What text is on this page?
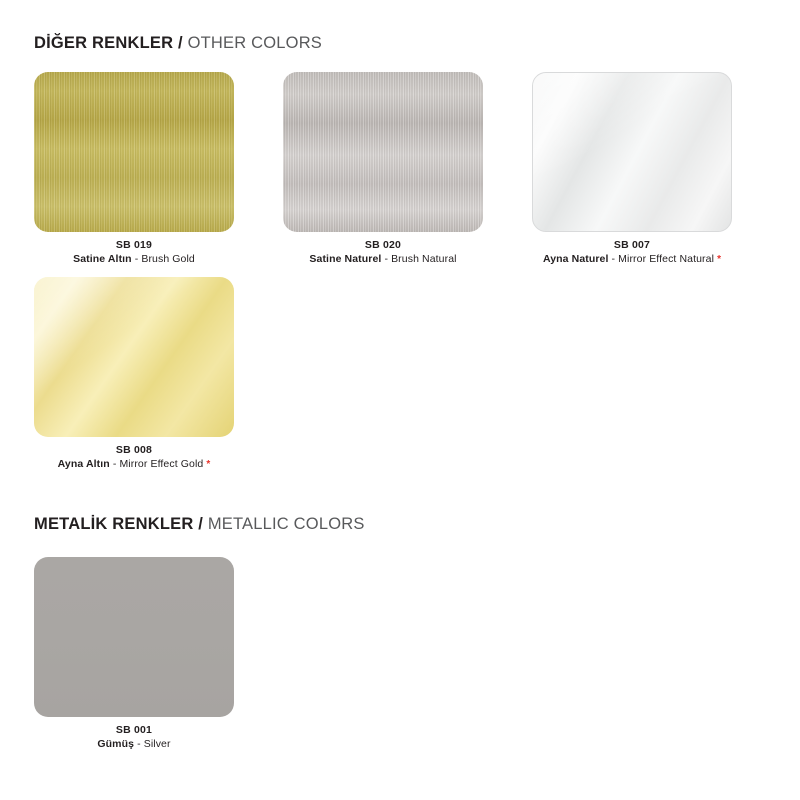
DİĞER RENKLER / OTHER COLORS
SB 019
Satine Altın - Brush Gold
SB 020
Satine Naturel - Brush Natural
SB 007
Ayna Naturel - Mirror Effect Natural *
SB 008
Ayna Altın - Mirror Effect Gold *
METALİK RENKLER / METALLIC COLORS
SB 001
Gümüş - Silver
